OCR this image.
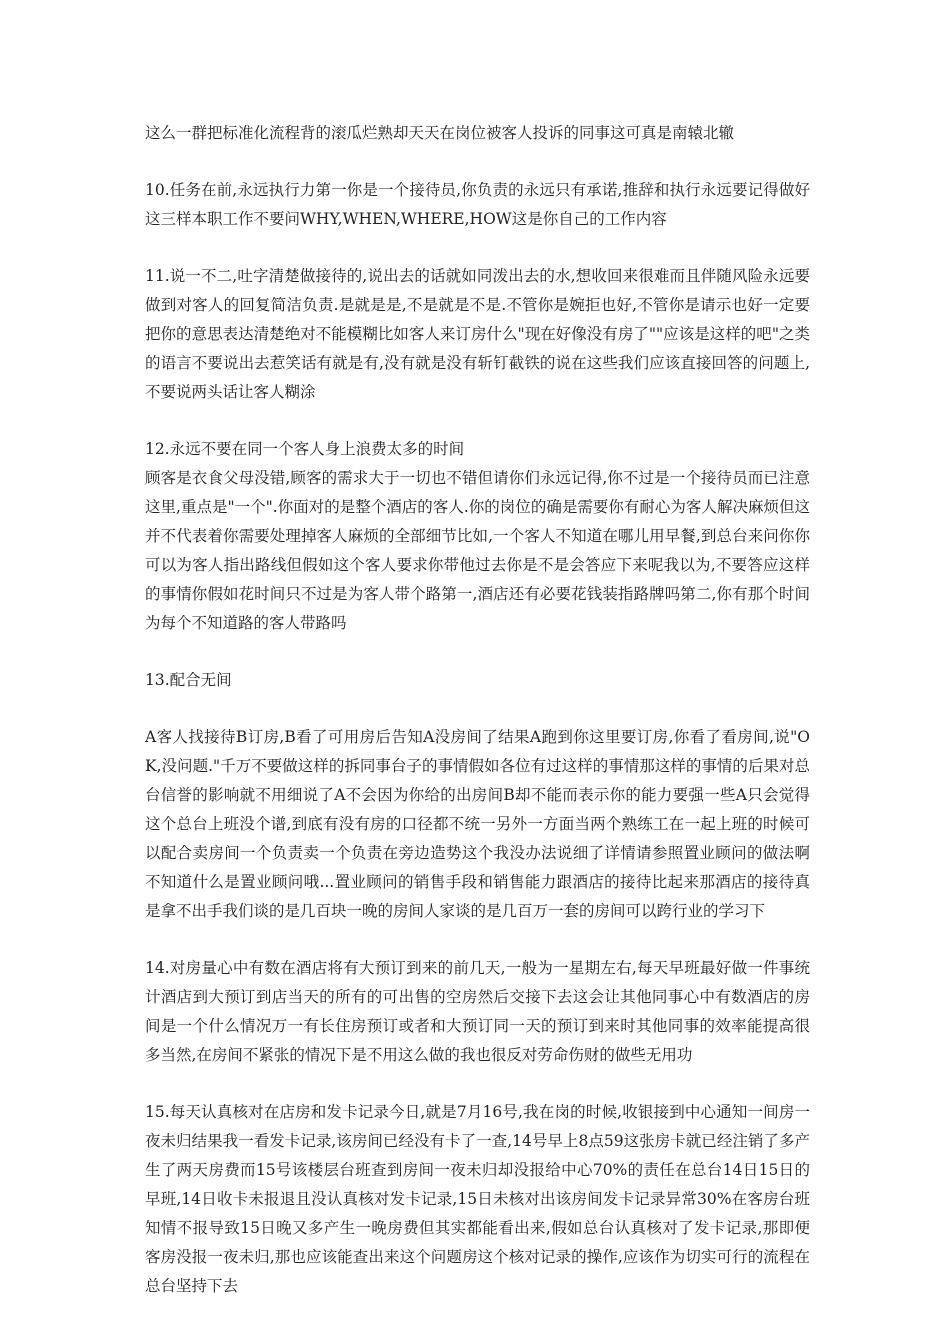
这么一群把标准化流程背的滚瓜烂熟却天天在岗位被客人投诉的同事这可真是南辕北辙

10.任务在前,永远执行力第一你是一个接待员,你负责的永远只有承诺,推辞和执行永远要记得做好这三样本职工作不要问WHY,WHEN,WHERE,HOW这是你自己的工作内容

11.说一不二,吐字清楚做接待的,说出去的话就如同泼出去的水,想收回来很难而且伴随风险永远要做到对客人的回复简洁负责.是就是是,不是就是不是.不管你是婉拒也好,不管你是请示也好一定要把你的意思表达清楚绝对不能模糊比如客人来订房什么"现在好像没有房了""应该是这样的吧"之类的语言不要说出去惹笑话有就是有,没有就是没有斩钉截铁的说在这些我们应该直接回答的问题上,不要说两头话让客人糊涂

12.永远不要在同一个客人身上浪费太多的时间

顾客是衣食父母没错,顾客的需求大于一切也不错但请你们永远记得,你不过是一个接待员而已注意这里,重点是"一个".你面对的是整个酒店的客人.你的岗位的确是需要你有耐心为客人解决麻烦但这并不代表着你需要处理掉客人麻烦的全部细节比如,一个客人不知道在哪儿用早餐,到总台来问你你可以为客人指出路线但假如这个客人要求你带他过去你是不是会答应下来呢我以为,不要答应这样的事情你假如花时间只不过是为客人带个路第一,酒店还有必要花钱装指路牌吗第二,你有那个时间为每个不知道路的客人带路吗

13.配合无间

A客人找接待B订房,B看了可用房后告知A没房间了结果A跑到你这里要订房,你看了看房间,说"OK,没问题."千万不要做这样的拆同事台子的事情假如各位有过这样的事情那这样的事情的后果对总台信誉的影响就不用细说了A不会因为你给的出房间B却不能而表示你的能力要强一些A只会觉得这个总台上班没个谱,到底有没有房的口径都不统一另外一方面当两个熟练工在一起上班的时候可以配合卖房间一个负责卖一个负责在旁边造势这个我没办法说细了详情请参照置业顾问的做法啊不知道什么是置业顾问哦...置业顾问的销售手段和销售能力跟酒店的接待比起来那酒店的接待真是拿不出手我们谈的是几百块一晚的房间人家谈的是几百万一套的房间可以跨行业的学习下

14.对房量心中有数在酒店将有大预订到来的前几天,一般为一星期左右,每天早班最好做一件事统计酒店到大预订到店当天的所有的可出售的空房然后交接下去这会让其他同事心中有数酒店的房间是一个什么情况万一有长住房预订或者和大预订同一天的预订到来时其他同事的效率能提高很多当然,在房间不紧张的情况下是不用这么做的我也很反对劳命伤财的做些无用功

15.每天认真核对在店房和发卡记录今日,就是7月16号,我在岗的时候,收银接到中心通知一间房一夜未归结果我一看发卡记录,该房间已经没有卡了一查,14号早上8点59这张房卡就已经注销了多产生了两天房费而15号该楼层台班查到房间一夜未归却没报给中心70%的责任在总台14日15日的早班,14日收卡未报退且没认真核对发卡记录,15日未核对出该房间发卡记录异常30%在客房台班知情不报导致15日晚又多产生一晚房费但其实都能看出来,假如总台认真核对了发卡记录,那即便客房没报一夜未归,那也应该能查出来这个问题房这个核对记录的操作,应该作为切实可行的流程在总台坚持下去
